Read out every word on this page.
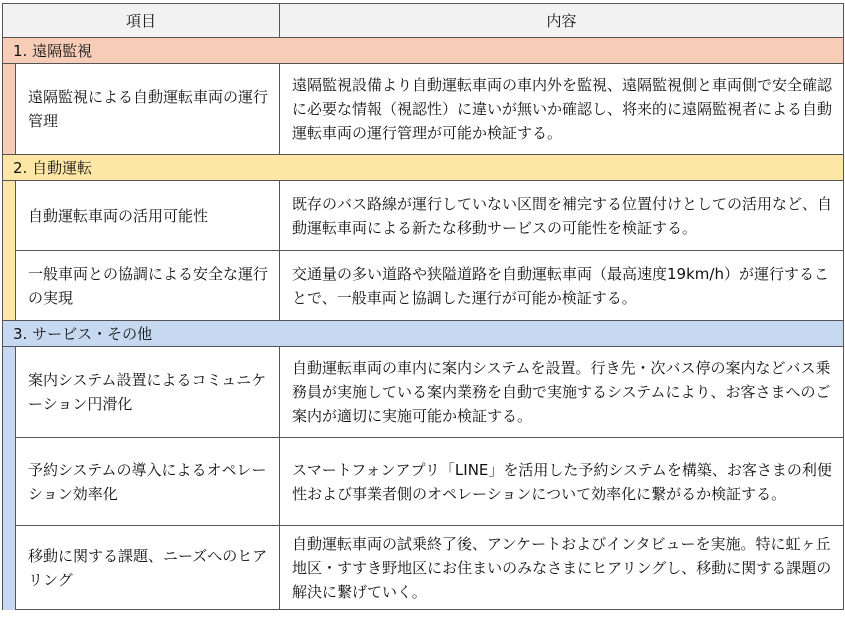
項目		内容
1. 遠隔監視		
	遠隔監視による自動運転車両の運行管理	遠隔監視設備より自動運転車両の車内外を監視、遠隔監視側と車両側で安全確認に必要な情報（視認性）に違いが無いか確認し、将来的に遠隔監視者による自動運転車両の運行管理が可能か検証する。
2. 自動運転		
	自動運転車両の活用可能性	既存のバス路線が運行していない区間を補完する位置付けとしての活用など、自動運転車両による新たな移動サービスの可能性を検証する。
	一般車両との協調による安全な運行の実現	交通量の多い道路や狭隘道路を自動運転車両（最高速度19km/h）が運行することで、一般車両と協調した運行が可能か検証する。
3. サービス・その他		
	案内システム設置によるコミュニケーション円滑化	自動運転車両の車内に案内システムを設置。行き先・次バス停の案内などバス乗務員が実施している案内業務を自動で実施するシステムにより、お客さまへのご案内が適切に実施可能か検証する。
	予約システムの導入によるオペレーション効率化	スマートフォンアプリ「LINE」を活用した予約システムを構築、お客さまの利便性および事業者側のオペレーションについて効率化に繋がるか検証する。
	移動に関する課題、ニーズへのヒアリング	自動運転車両の試乗終了後、アンケートおよびインタビューを実施。特に虹ヶ丘地区・すすき野地区にお住まいのみなさまにヒアリングし、移動に関する課題の解決に繋げていく。
